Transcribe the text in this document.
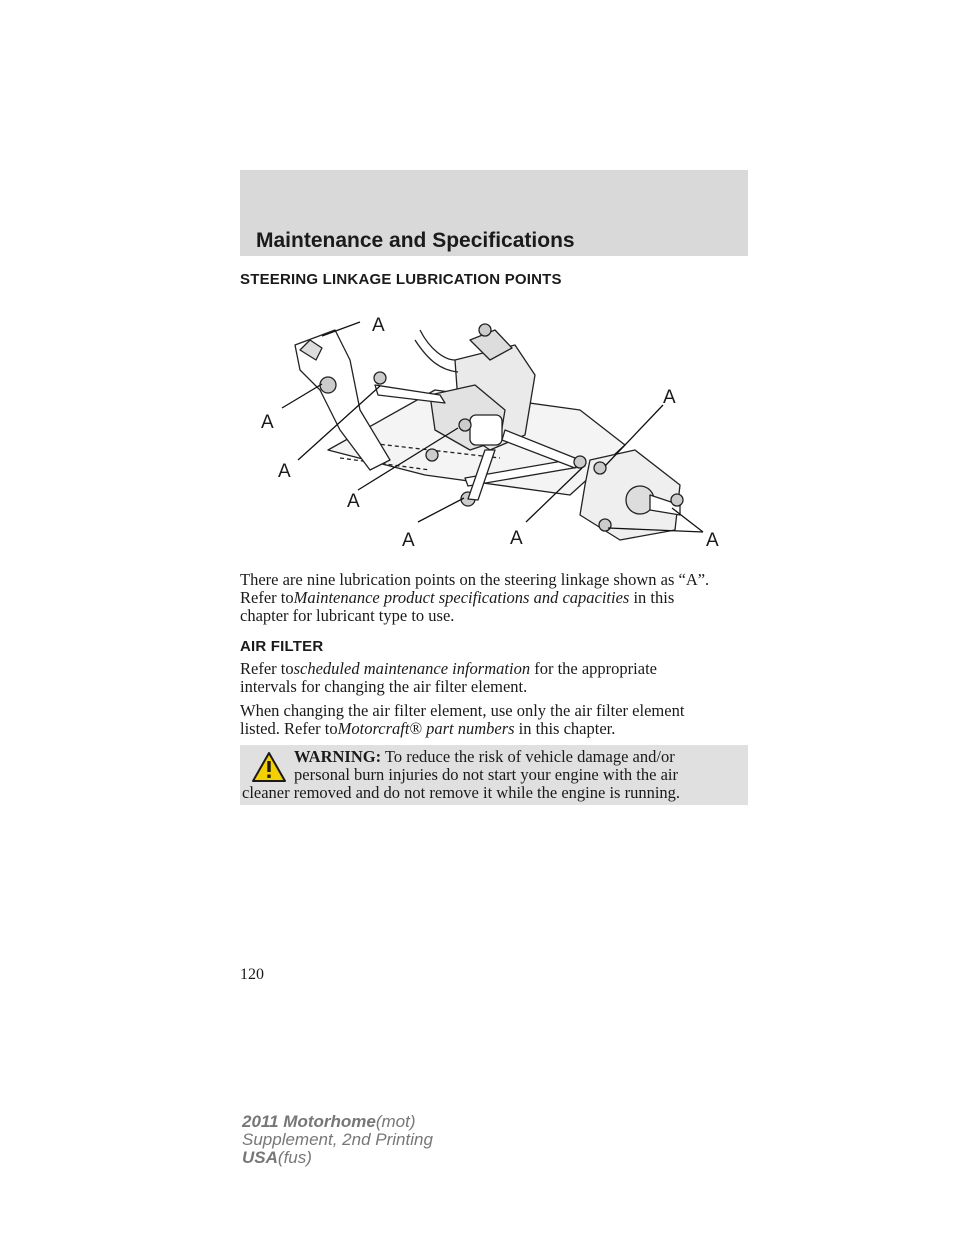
Maintenance and Specifications
STEERING LINKAGE LUBRICATION POINTS
A
A
A
A
A	A
A
A

There are nine lubrication points on the steering linkage shown as “A”.
Refer toMaintenance product specifications and capacities in this
chapter for lubricant type to use.

AIR FILTER

Refer toscheduled maintenance information for the appropriate
intervals for changing the air filter element.

When changing the air filter element, use only the air filter element
listed. Refer toMotorcraft® part numbers in this chapter.

WARNING: To reduce the risk of vehicle damage and/or
personal burn injuries do not start your engine with the air
cleaner removed and do not remove it while the engine is running.
120
2011 Motorhome(mot)
Supplement, 2nd Printing
USA(fus)
